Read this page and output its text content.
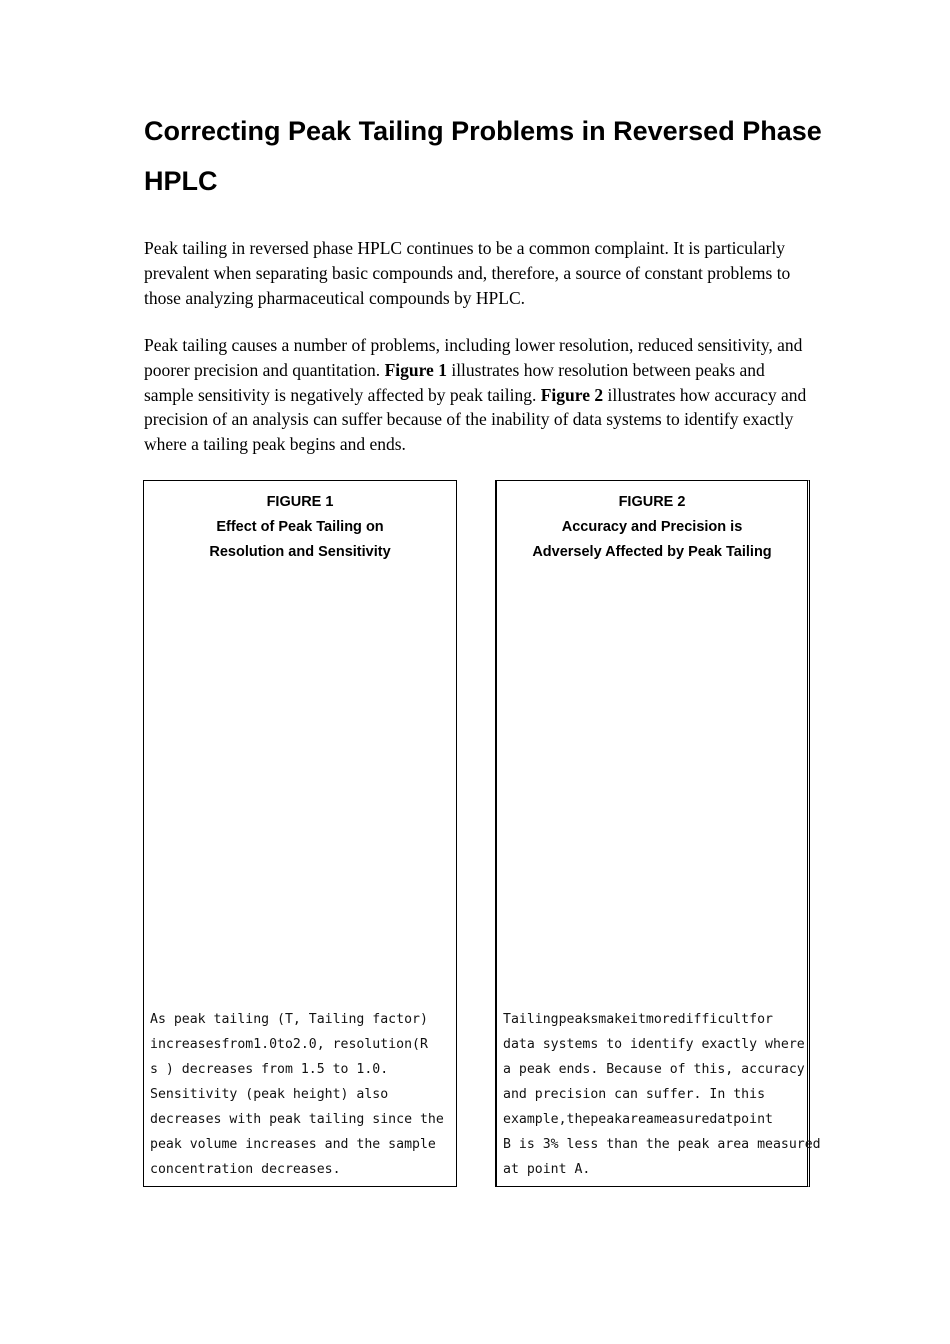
Correcting Peak Tailing Problems in Reversed Phase HPLC

Peak tailing in reversed phase HPLC continues to be a common complaint. It is particularly prevalent when separating basic compounds and, therefore, a source of constant problems to those analyzing pharmaceutical compounds by HPLC.

Peak tailing causes a number of problems, including lower resolution, reduced sensitivity, and poorer precision and quantitation. Figure 1 illustrates how resolution between peaks and sample sensitivity is negatively affected by peak tailing. Figure 2 illustrates how accuracy and precision of an analysis can suffer because of the inability of data systems to identify exactly where a tailing peak begins and ends.

FIGURE 1
Effect of Peak Tailing on
Resolution and Sensitivity

As peak tailing (T, Tailing factor)
increasesfrom1.0to2.0, resolution(R
s ) decreases from 1.5 to 1.0.
Sensitivity (peak height) also
decreases with peak tailing since the
peak volume increases and the sample
concentration decreases.

FIGURE 2
Accuracy and Precision is
Adversely Affected by Peak Tailing

Tailingpeaksmakeitmoredifficultfor
data systems to identify exactly where
a peak ends. Because of this, accuracy
and precision can suffer. In this
example,thepeakareameasuredatpoint
B is 3% less than the peak area measured
at point A.
